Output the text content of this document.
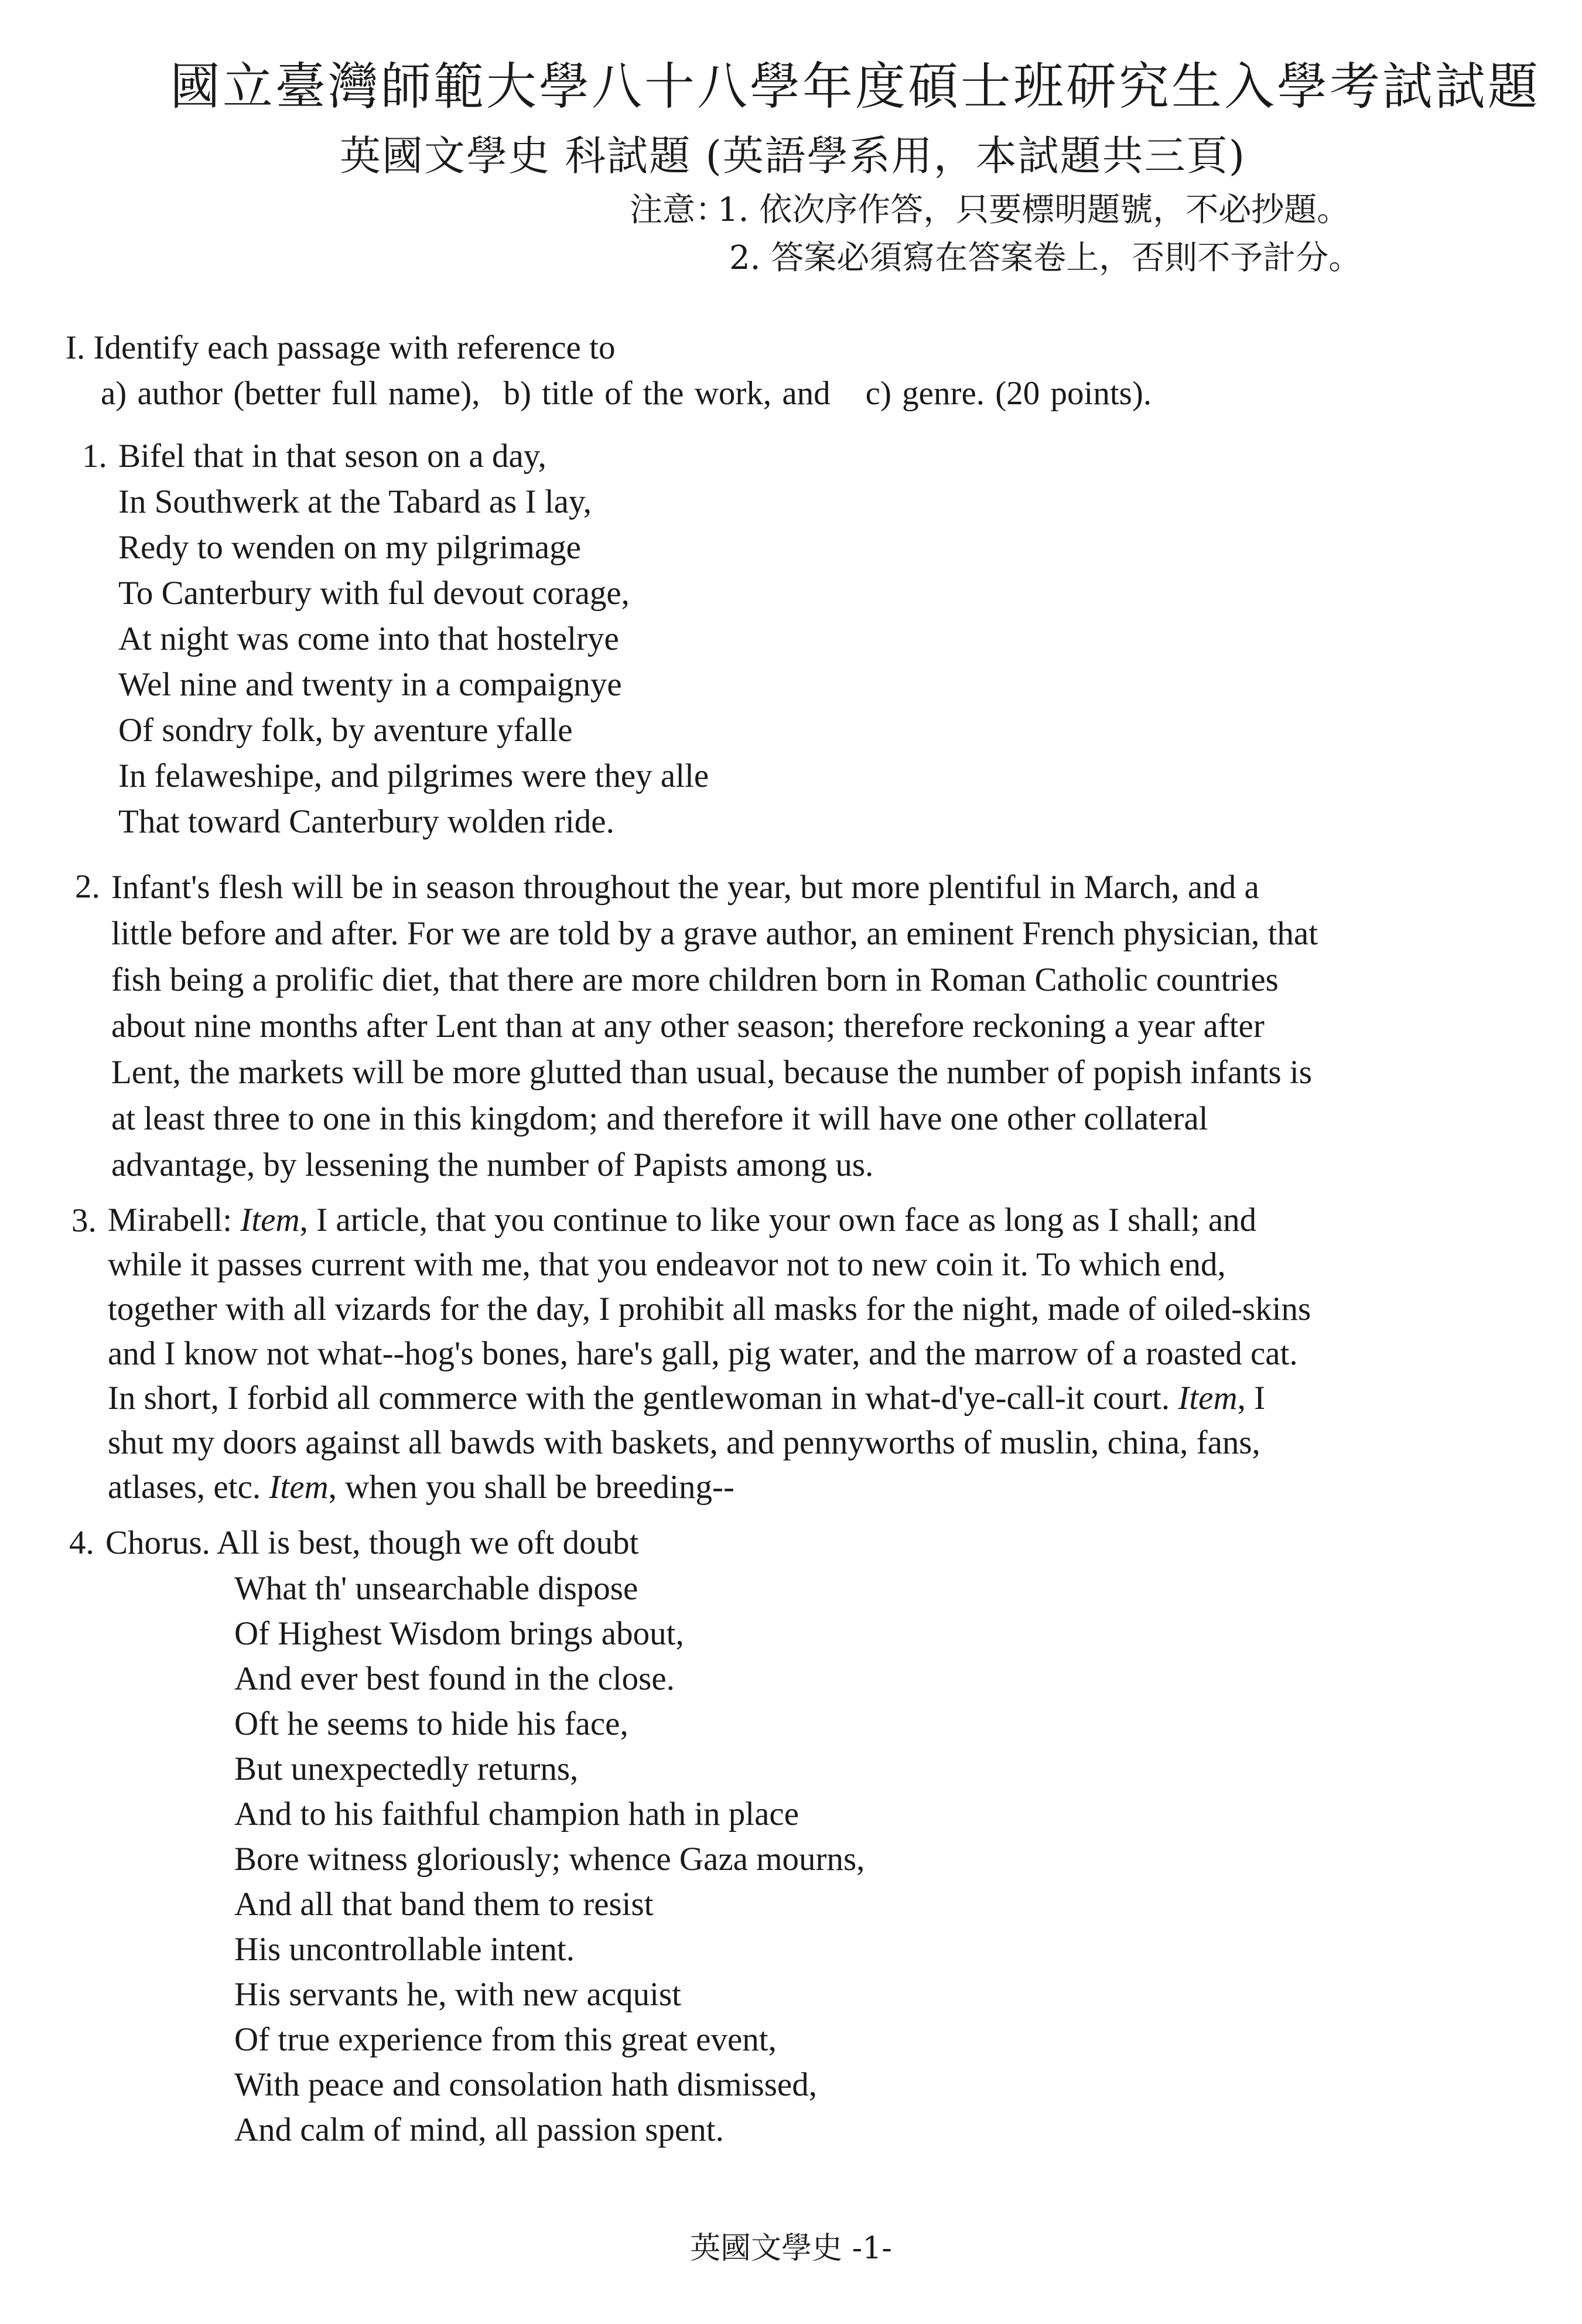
國立臺灣師範大學八十八學年度碩士班研究生入學考試試題
英國文學史 科試題 (英語學系用，本試題共三頁)
注意：1. 依次序作答，只要標明題號，不必抄題。
2. 答案必須寫在答案卷上，否則不予計分。
I. Identify each passage with reference to
a) author (better full name), b) title of the work, and c) genre. (20 points).
1. Bifel that in that seson on a day,
In Southwerk at the Tabard as I lay,
Redy to wenden on my pilgrimage
To Canterbury with ful devout corage,
At night was come into that hostelrye
Wel nine and twenty in a compaignye
Of sondry folk, by aventure yfalle
In felaweshipe, and pilgrimes were they alle
That toward Canterbury wolden ride.
2. Infant's flesh will be in season throughout the year, but more plentiful in March, and a
little before and after. For we are told by a grave author, an eminent French physician, that
fish being a prolific diet, that there are more children born in Roman Catholic countries
about nine months after Lent than at any other season; therefore reckoning a year after
Lent, the markets will be more glutted than usual, because the number of popish infants is
at least three to one in this kingdom; and therefore it will have one other collateral
advantage, by lessening the number of Papists among us.
3. Mirabell: Item, I article, that you continue to like your own face as long as I shall; and
while it passes current with me, that you endeavor not to new coin it. To which end,
together with all vizards for the day, I prohibit all masks for the night, made of oiled-skins
and I know not what--hog's bones, hare's gall, pig water, and the marrow of a roasted cat.
In short, I forbid all commerce with the gentlewoman in what-d'ye-call-it court. Item, I
shut my doors against all bawds with baskets, and pennyworths of muslin, china, fans,
atlases, etc. Item, when you shall be breeding--
4. Chorus. All is best, though we oft doubt
What th' unsearchable dispose
Of Highest Wisdom brings about,
And ever best found in the close.
Oft he seems to hide his face,
But unexpectedly returns,
And to his faithful champion hath in place
Bore witness gloriously; whence Gaza mourns,
And all that band them to resist
His uncontrollable intent.
His servants he, with new acquist
Of true experience from this great event,
With peace and consolation hath dismissed,
And calm of mind, all passion spent.
英國文學史 -1-
